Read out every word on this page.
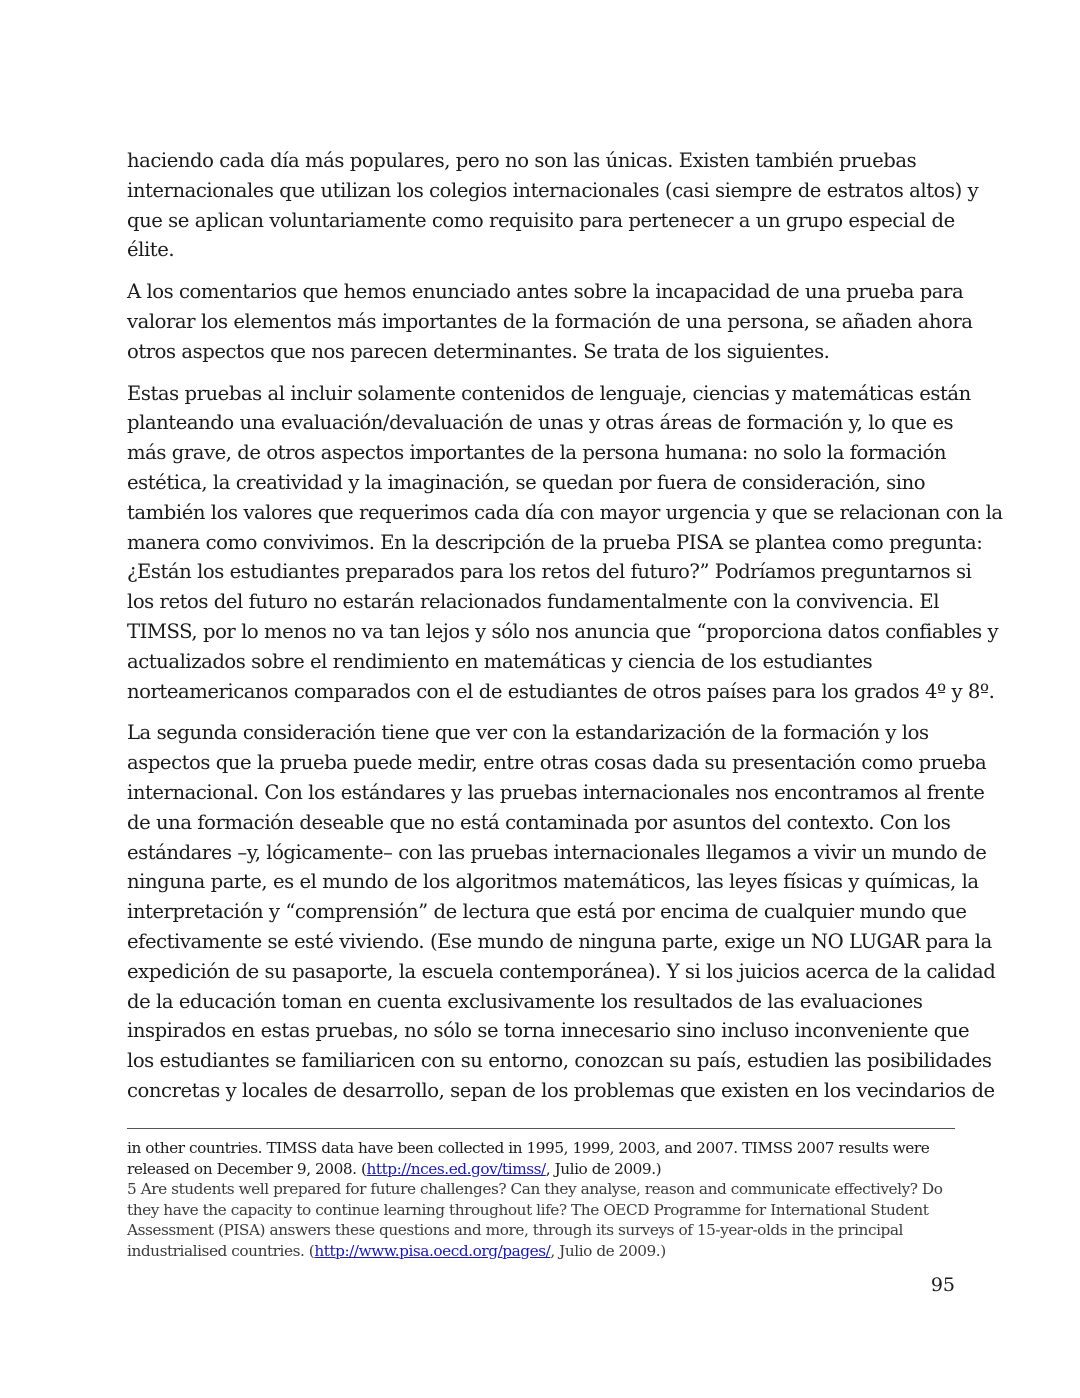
haciendo cada día más populares, pero no son las únicas. Existen también pruebas
internacionales que utilizan los colegios internacionales (casi siempre de estratos altos) y
que se aplican voluntariamente como requisito para pertenecer a un grupo especial de
élite.

A los comentarios que hemos enunciado antes sobre la incapacidad de una prueba para
valorar los elementos más importantes de la formación de una persona, se añaden ahora
otros aspectos que nos parecen determinantes. Se trata de los siguientes.

Estas pruebas al incluir solamente contenidos de lenguaje, ciencias y matemáticas están
planteando una evaluación/devaluación de unas y otras áreas de formación y, lo que es
más grave, de otros aspectos importantes de la persona humana: no solo la formación
estética, la creatividad y la imaginación, se quedan por fuera de consideración, sino
también los valores que requerimos cada día con mayor urgencia y que se relacionan con la
manera como convivimos. En la descripción de la prueba PISA se plantea como pregunta:
¿Están los estudiantes preparados para los retos del futuro?” Podríamos preguntarnos si
los retos del futuro no estarán relacionados fundamentalmente con la convivencia. El
TIMSS, por lo menos no va tan lejos y sólo nos anuncia que “proporciona datos confiables y
actualizados sobre el rendimiento en matemáticas y ciencia de los estudiantes
norteamericanos comparados con el de estudiantes de otros países para los grados 4º y 8º.

La segunda consideración tiene que ver con la estandarización de la formación y los
aspectos que la prueba puede medir, entre otras cosas dada su presentación como prueba
internacional. Con los estándares y las pruebas internacionales nos encontramos al frente
de una formación deseable que no está contaminada por asuntos del contexto. Con los
estándares –y, lógicamente– con las pruebas internacionales llegamos a vivir un mundo de
ninguna parte, es el mundo de los algoritmos matemáticos, las leyes físicas y químicas, la
interpretación y “comprensión” de lectura que está por encima de cualquier mundo que
efectivamente se esté viviendo. (Ese mundo de ninguna parte, exige un NO LUGAR para la
expedición de su pasaporte, la escuela contemporánea). Y si los juicios acerca de la calidad
de la educación toman en cuenta exclusivamente los resultados de las evaluaciones
inspirados en estas pruebas, no sólo se torna innecesario sino incluso inconveniente que
los estudiantes se familiaricen con su entorno, conozcan su país, estudien las posibilidades
concretas y locales de desarrollo, sepan de los problemas que existen en los vecindarios de

in other countries. TIMSS data have been collected in 1995, 1999, 2003, and 2007. TIMSS 2007 results were
released on December 9, 2008. (http://nces.ed.gov/timss/, Julio de 2009.)
5 Are students well prepared for future challenges? Can they analyse, reason and communicate effectively? Do
they have the capacity to continue learning throughout life? The OECD Programme for International Student
Assessment (PISA) answers these questions and more, through its surveys of 15-year-olds in the principal
industrialised countries. (http://www.pisa.oecd.org/pages/, Julio de 2009.)
95
